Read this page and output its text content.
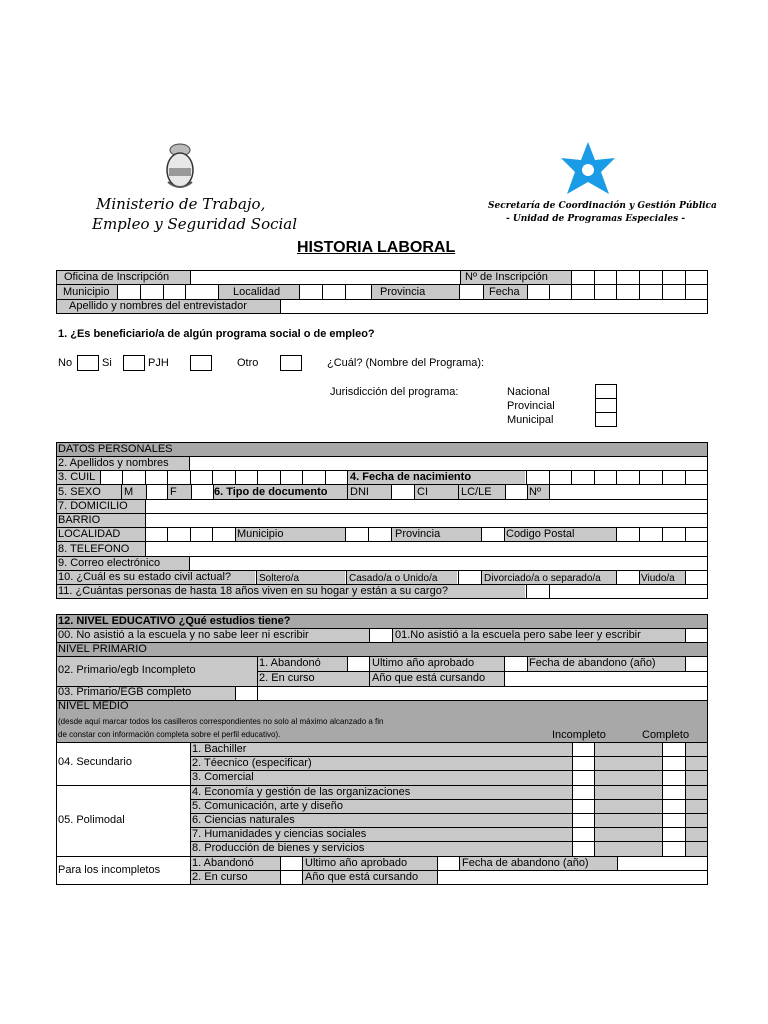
Ministerio de Trabajo,
Empleo y Seguridad Social
Secretaría de Coordinación y Gestión Pública
- Unidad de Programas Especiales -
HISTORIA LABORAL
Oficina de Inscripción	Nº de Inscripción
Municipio	Localidad	Provincia	Fecha
Apellido y nombres del entrevistador
1. ¿Es beneficiario/a de algún programa social o de empleo?
No	Si	PJH	Otro	¿Cuál? (Nombre del Programa):
Jurisdicción del programa:	Nacional
Provincial
Municipal
DATOS PERSONALES
2. Apellidos y nombres
3. CUIL	4. Fecha de nacimiento
5. SEXO M	F	6. Tipo de documento DNI	CI	LC/LE	Nº
7. DOMICILIO
BARRIO
LOCALIDAD	Municipio	Provincia	Codigo Postal
8. TELEFONO
9. Correo electrónico
10. ¿Cuál es su estado civil actual?	Soltero/a	Casado/a o Unido/a	Divorciado/a o separado/a	Viudo/a
11. ¿Cuántas personas de hasta 18 años viven en su hogar y están a su cargo?
12. NIVEL EDUCATIVO ¿Qué estudios tiene?
00. No asistió a la escuela y no sabe leer ni escribir	01.No asistió a la escuela pero sabe leer y escribir
NIVEL PRIMARIO
02. Primario/egb Incompleto
1. Abandonó	Ultimo año aprobado	Fecha de abandono (año)
2. En curso	Año que está cursando
03. Primario/EGB completo
NIVEL MEDIO
(desde aquí marcar todos los casilleros correspondientes no solo al máximo alcanzado a fin
de constar con información completa sobre el perfil educativo).	Incompleto	Completo
04. Secundario
1. Bachiller
2. Téecnico (especificar)
3. Comercial
05. Polimodal
4. Economía y gestión de las organizaciones
5. Comunicación, arte y diseño
6. Ciencias naturales
7. Humanidades y ciencias sociales
8. Producción de bienes y servicios
Para los incompletos
1. Abandonó	Ultimo año aprobado	Fecha de abandono (año)
2. En curso	Año que está cursando
